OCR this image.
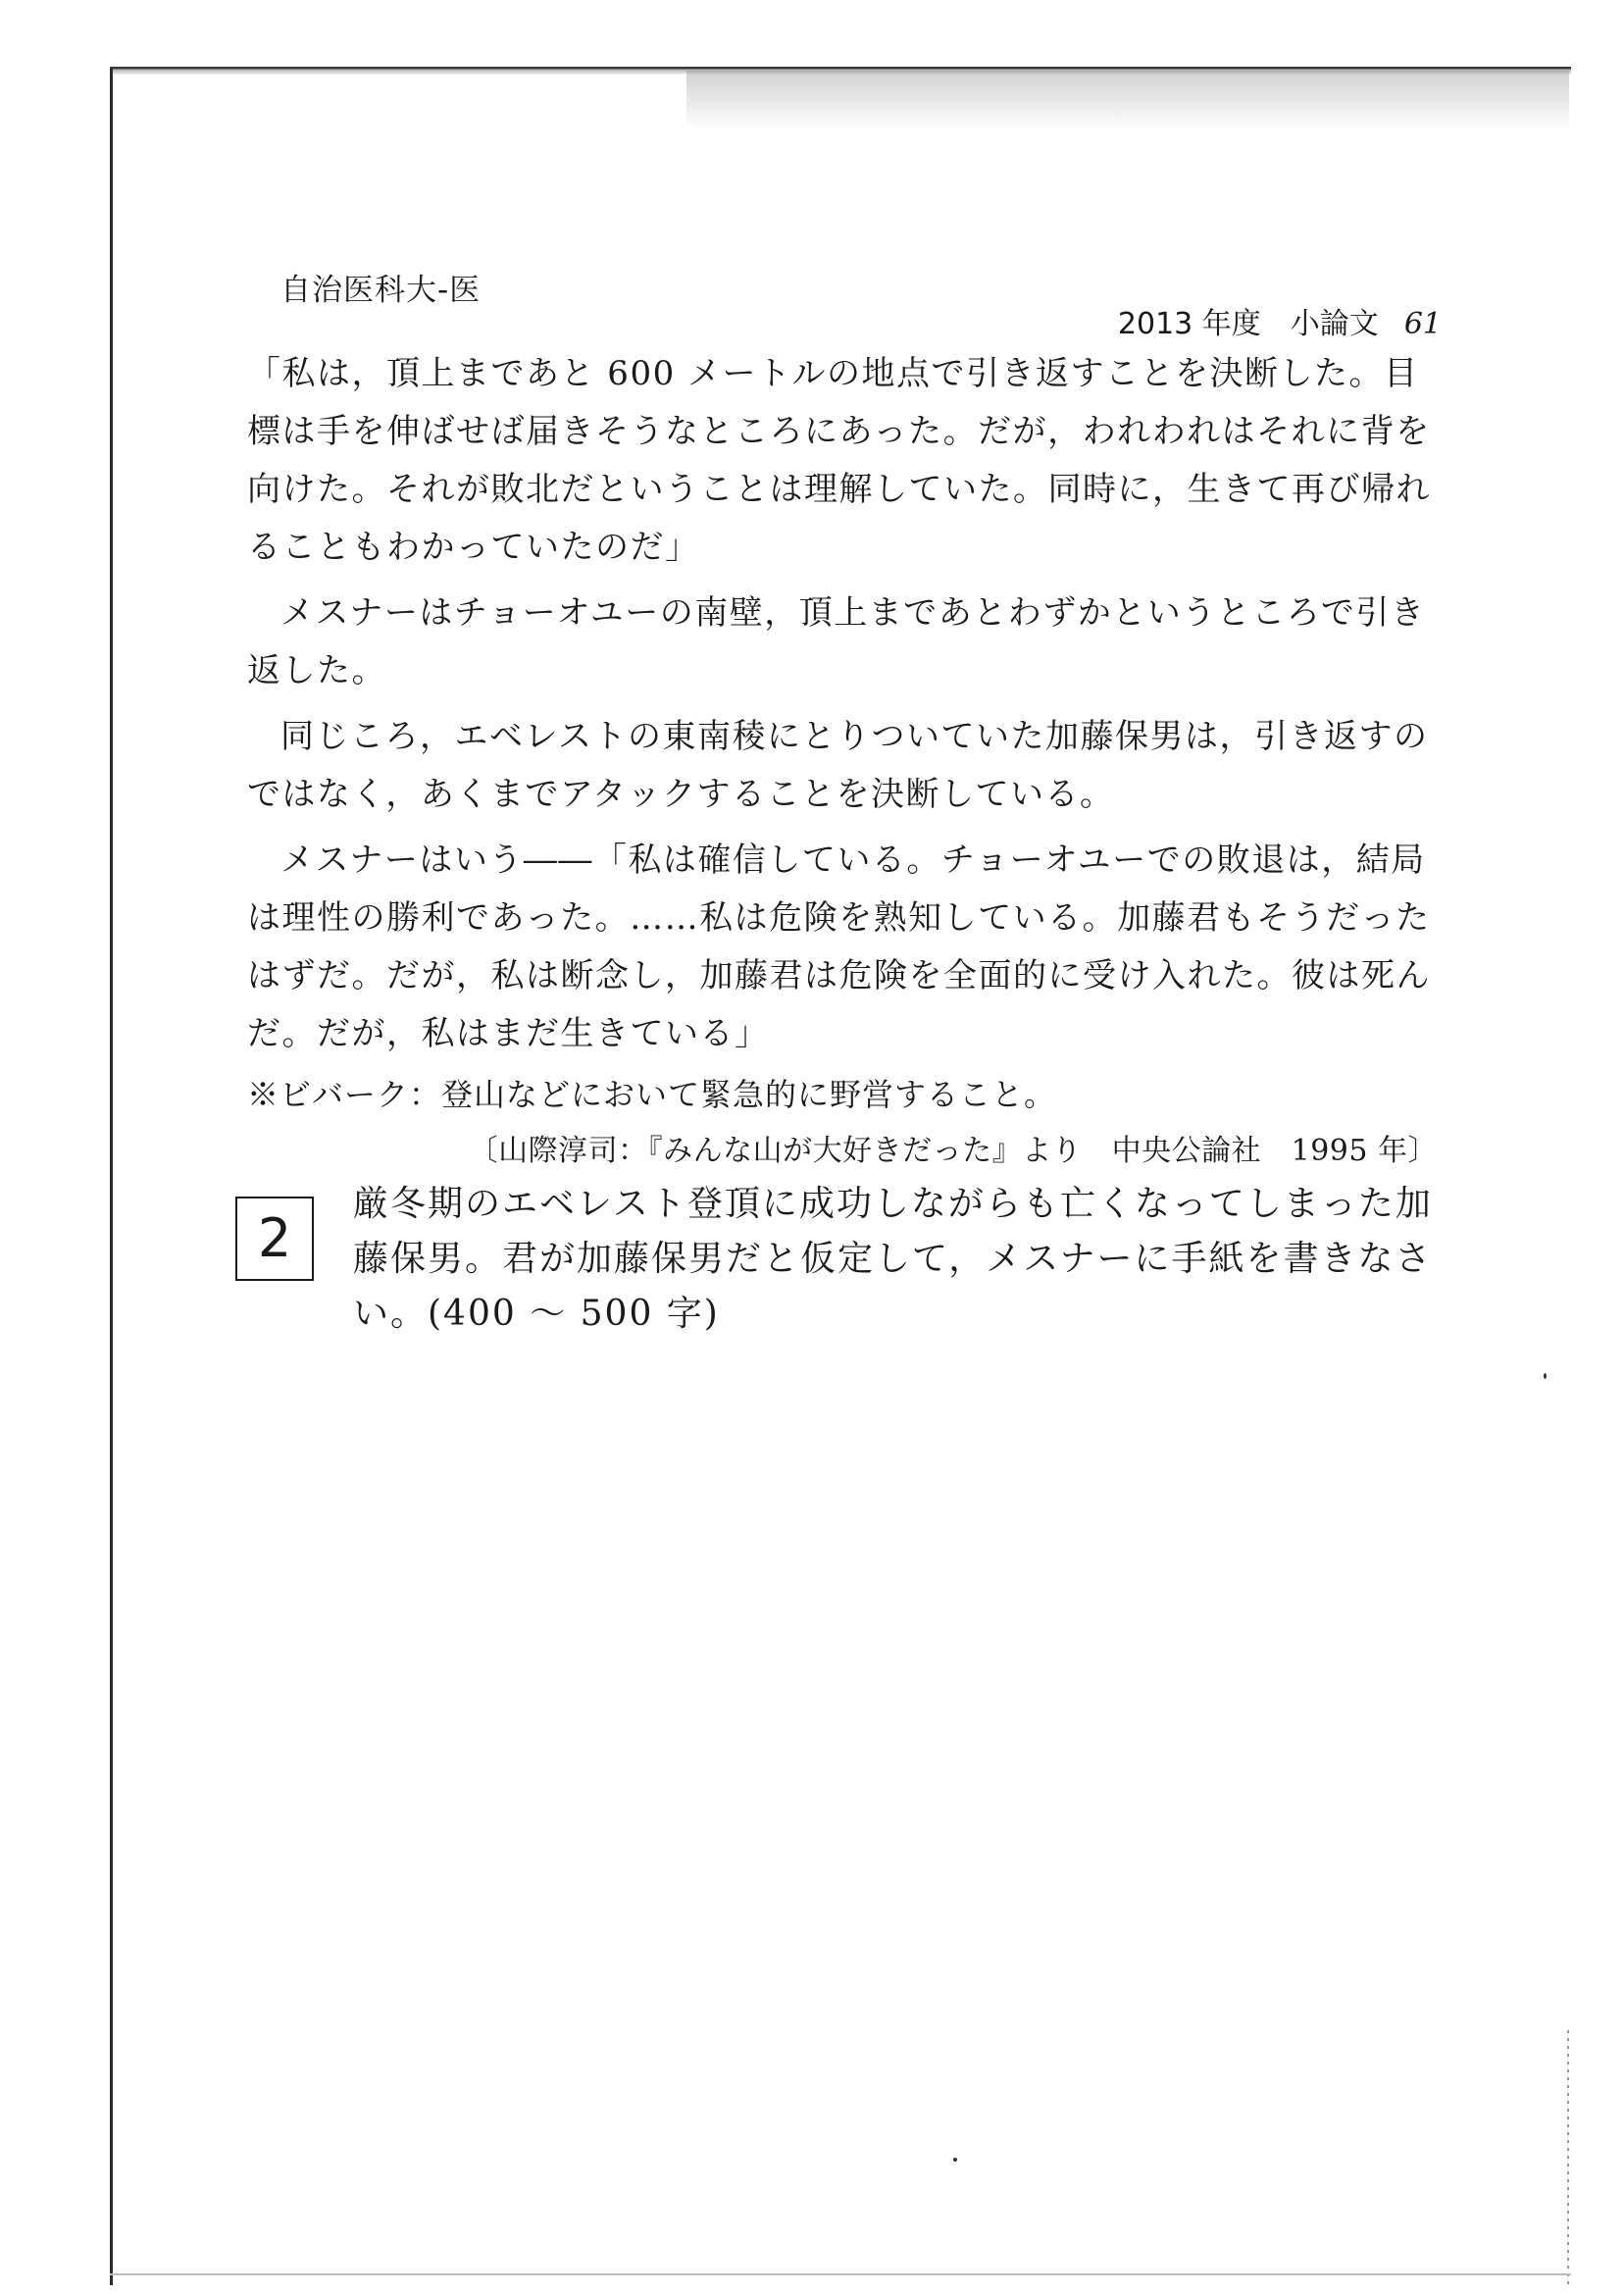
自治医科大-医
2013 年度　小論文 61

「私は，頂上まであと 600 メートルの地点で引き返すことを決断した。目標は手を伸ばせば届きそうなところにあった。だが，われわれはそれに背を向けた。それが敗北だということは理解していた。同時に，生きて再び帰れることもわかっていたのだ」

メスナーはチョーオユーの南壁，頂上まであとわずかというところで引き返した。

同じころ，エベレストの東南稜にとりついていた加藤保男は，引き返すのではなく，あくまでアタックすることを決断している。

メスナーはいう――「私は確信している。チョーオユーでの敗退は，結局は理性の勝利であった。……私は危険を熟知している。加藤君もそうだったはずだ。だが，私は断念し，加藤君は危険を全面的に受け入れた。彼は死んだ。だが，私はまだ生きている」

※ビバーク：登山などにおいて緊急的に野営すること。

〔山際淳司：『みんな山が大好きだった』より　中央公論社　1995 年〕

2

厳冬期のエベレスト登頂に成功しながらも亡くなってしまった加藤保男。君が加藤保男だと仮定して，メスナーに手紙を書きなさい。(400 ～ 500 字)
